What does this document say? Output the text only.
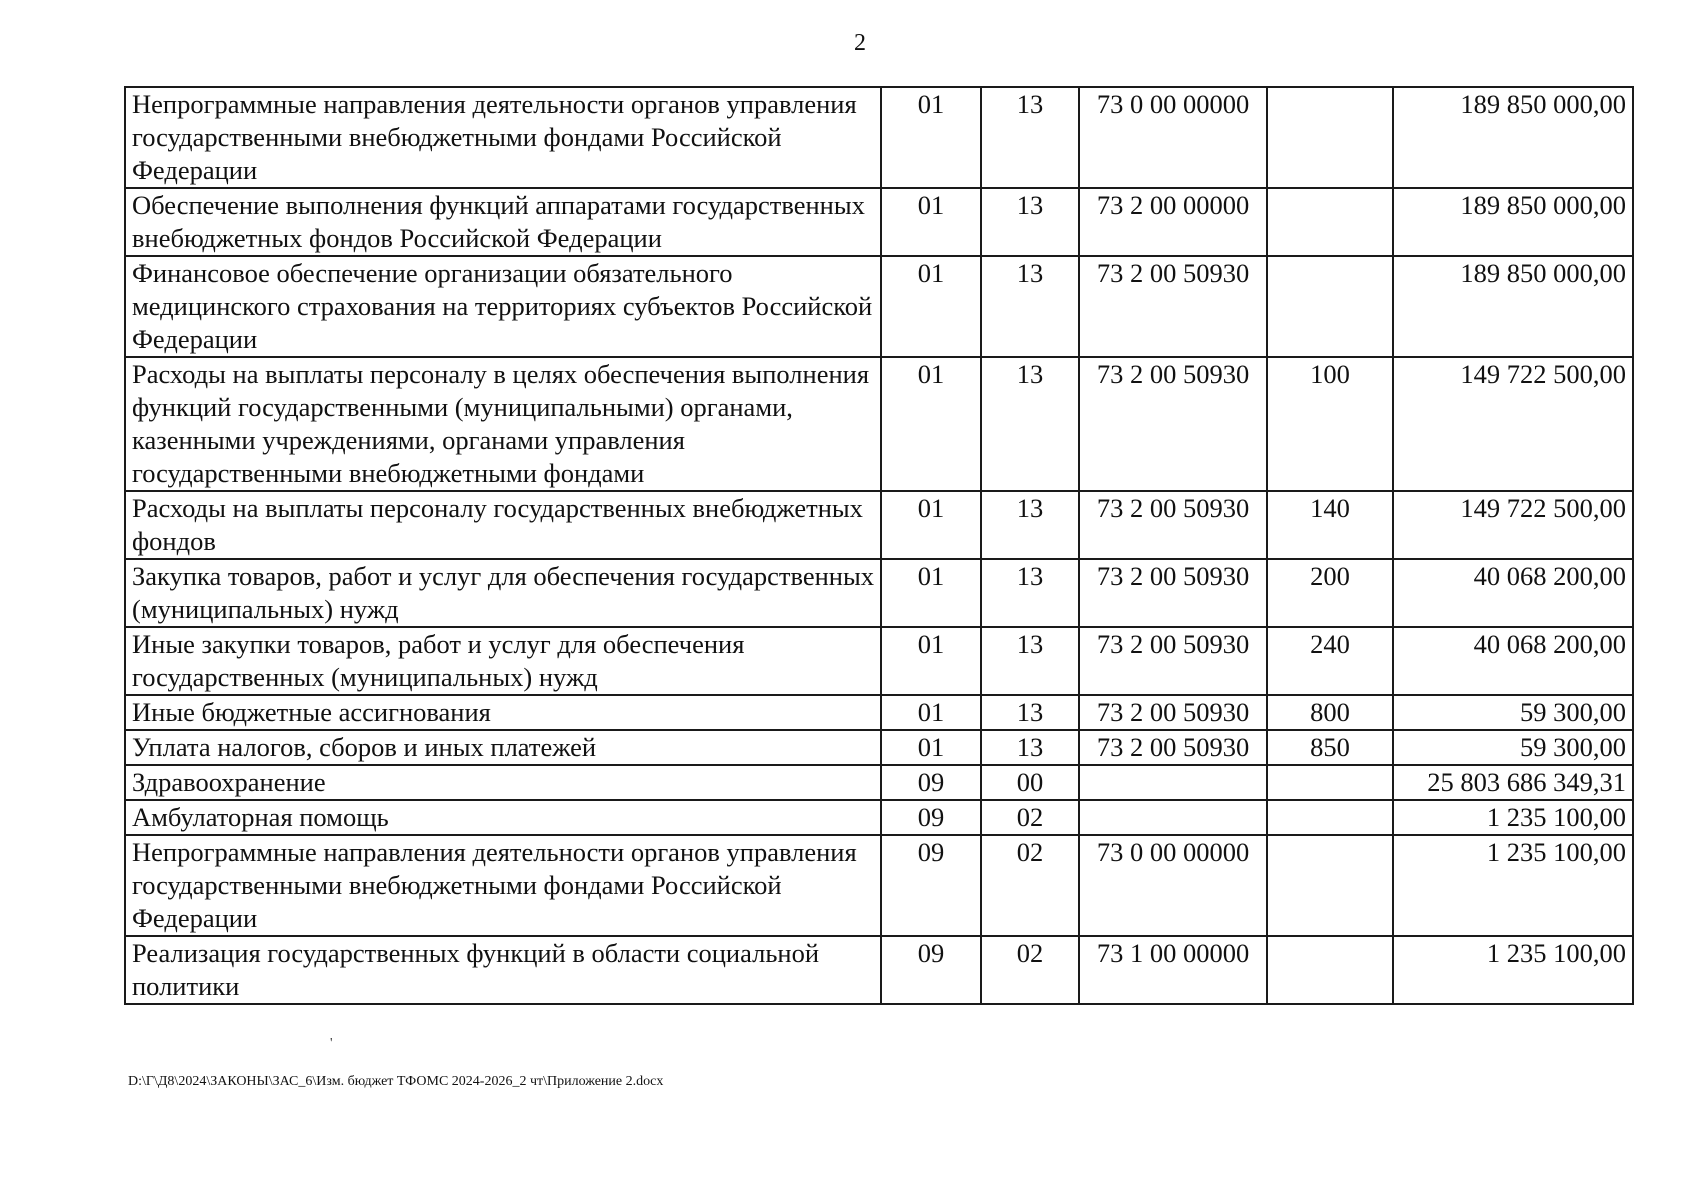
2
Непрограммные направления деятельности органов управления государственными внебюджетными фондами Российской Федерации	01	13	73 0 00 00000		189 850 000,00
Обеспечение выполнения функций аппаратами государственных внебюджетных фондов Российской Федерации	01	13	73 2 00 00000		189 850 000,00
Финансовое обеспечение организации обязательного медицинского страхования на территориях субъектов Российской Федерации	01	13	73 2 00 50930		189 850 000,00
Расходы на выплаты персоналу в целях обеспечения выполнения функций государственными (муниципальными) органами, казенными учреждениями, органами управления государственными внебюджетными фондами	01	13	73 2 00 50930	100	149 722 500,00
Расходы на выплаты персоналу государственных внебюджетных фондов	01	13	73 2 00 50930	140	149 722 500,00
Закупка товаров, работ и услуг для обеспечения государственных (муниципальных) нужд	01	13	73 2 00 50930	200	40 068 200,00
Иные закупки товаров, работ и услуг для обеспечения государственных (муниципальных) нужд	01	13	73 2 00 50930	240	40 068 200,00
Иные бюджетные ассигнования	01	13	73 2 00 50930	800	59 300,00
Уплата налогов, сборов и иных платежей	01	13	73 2 00 50930	850	59 300,00
Здравоохранение	09	00			25 803 686 349,31
Амбулаторная помощь	09	02			1 235 100,00
Непрограммные направления деятельности органов управления государственными внебюджетными фондами Российской Федерации	09	02	73 0 00 00000		1 235 100,00
Реализация государственных функций в области социальной политики	09	02	73 1 00 00000		1 235 100,00
'
D:\Г\Д8\2024\ЗАКОНЫ\ЗАС_6\Изм. бюджет ТФОМС 2024-2026_2 чт\Приложение 2.docx
